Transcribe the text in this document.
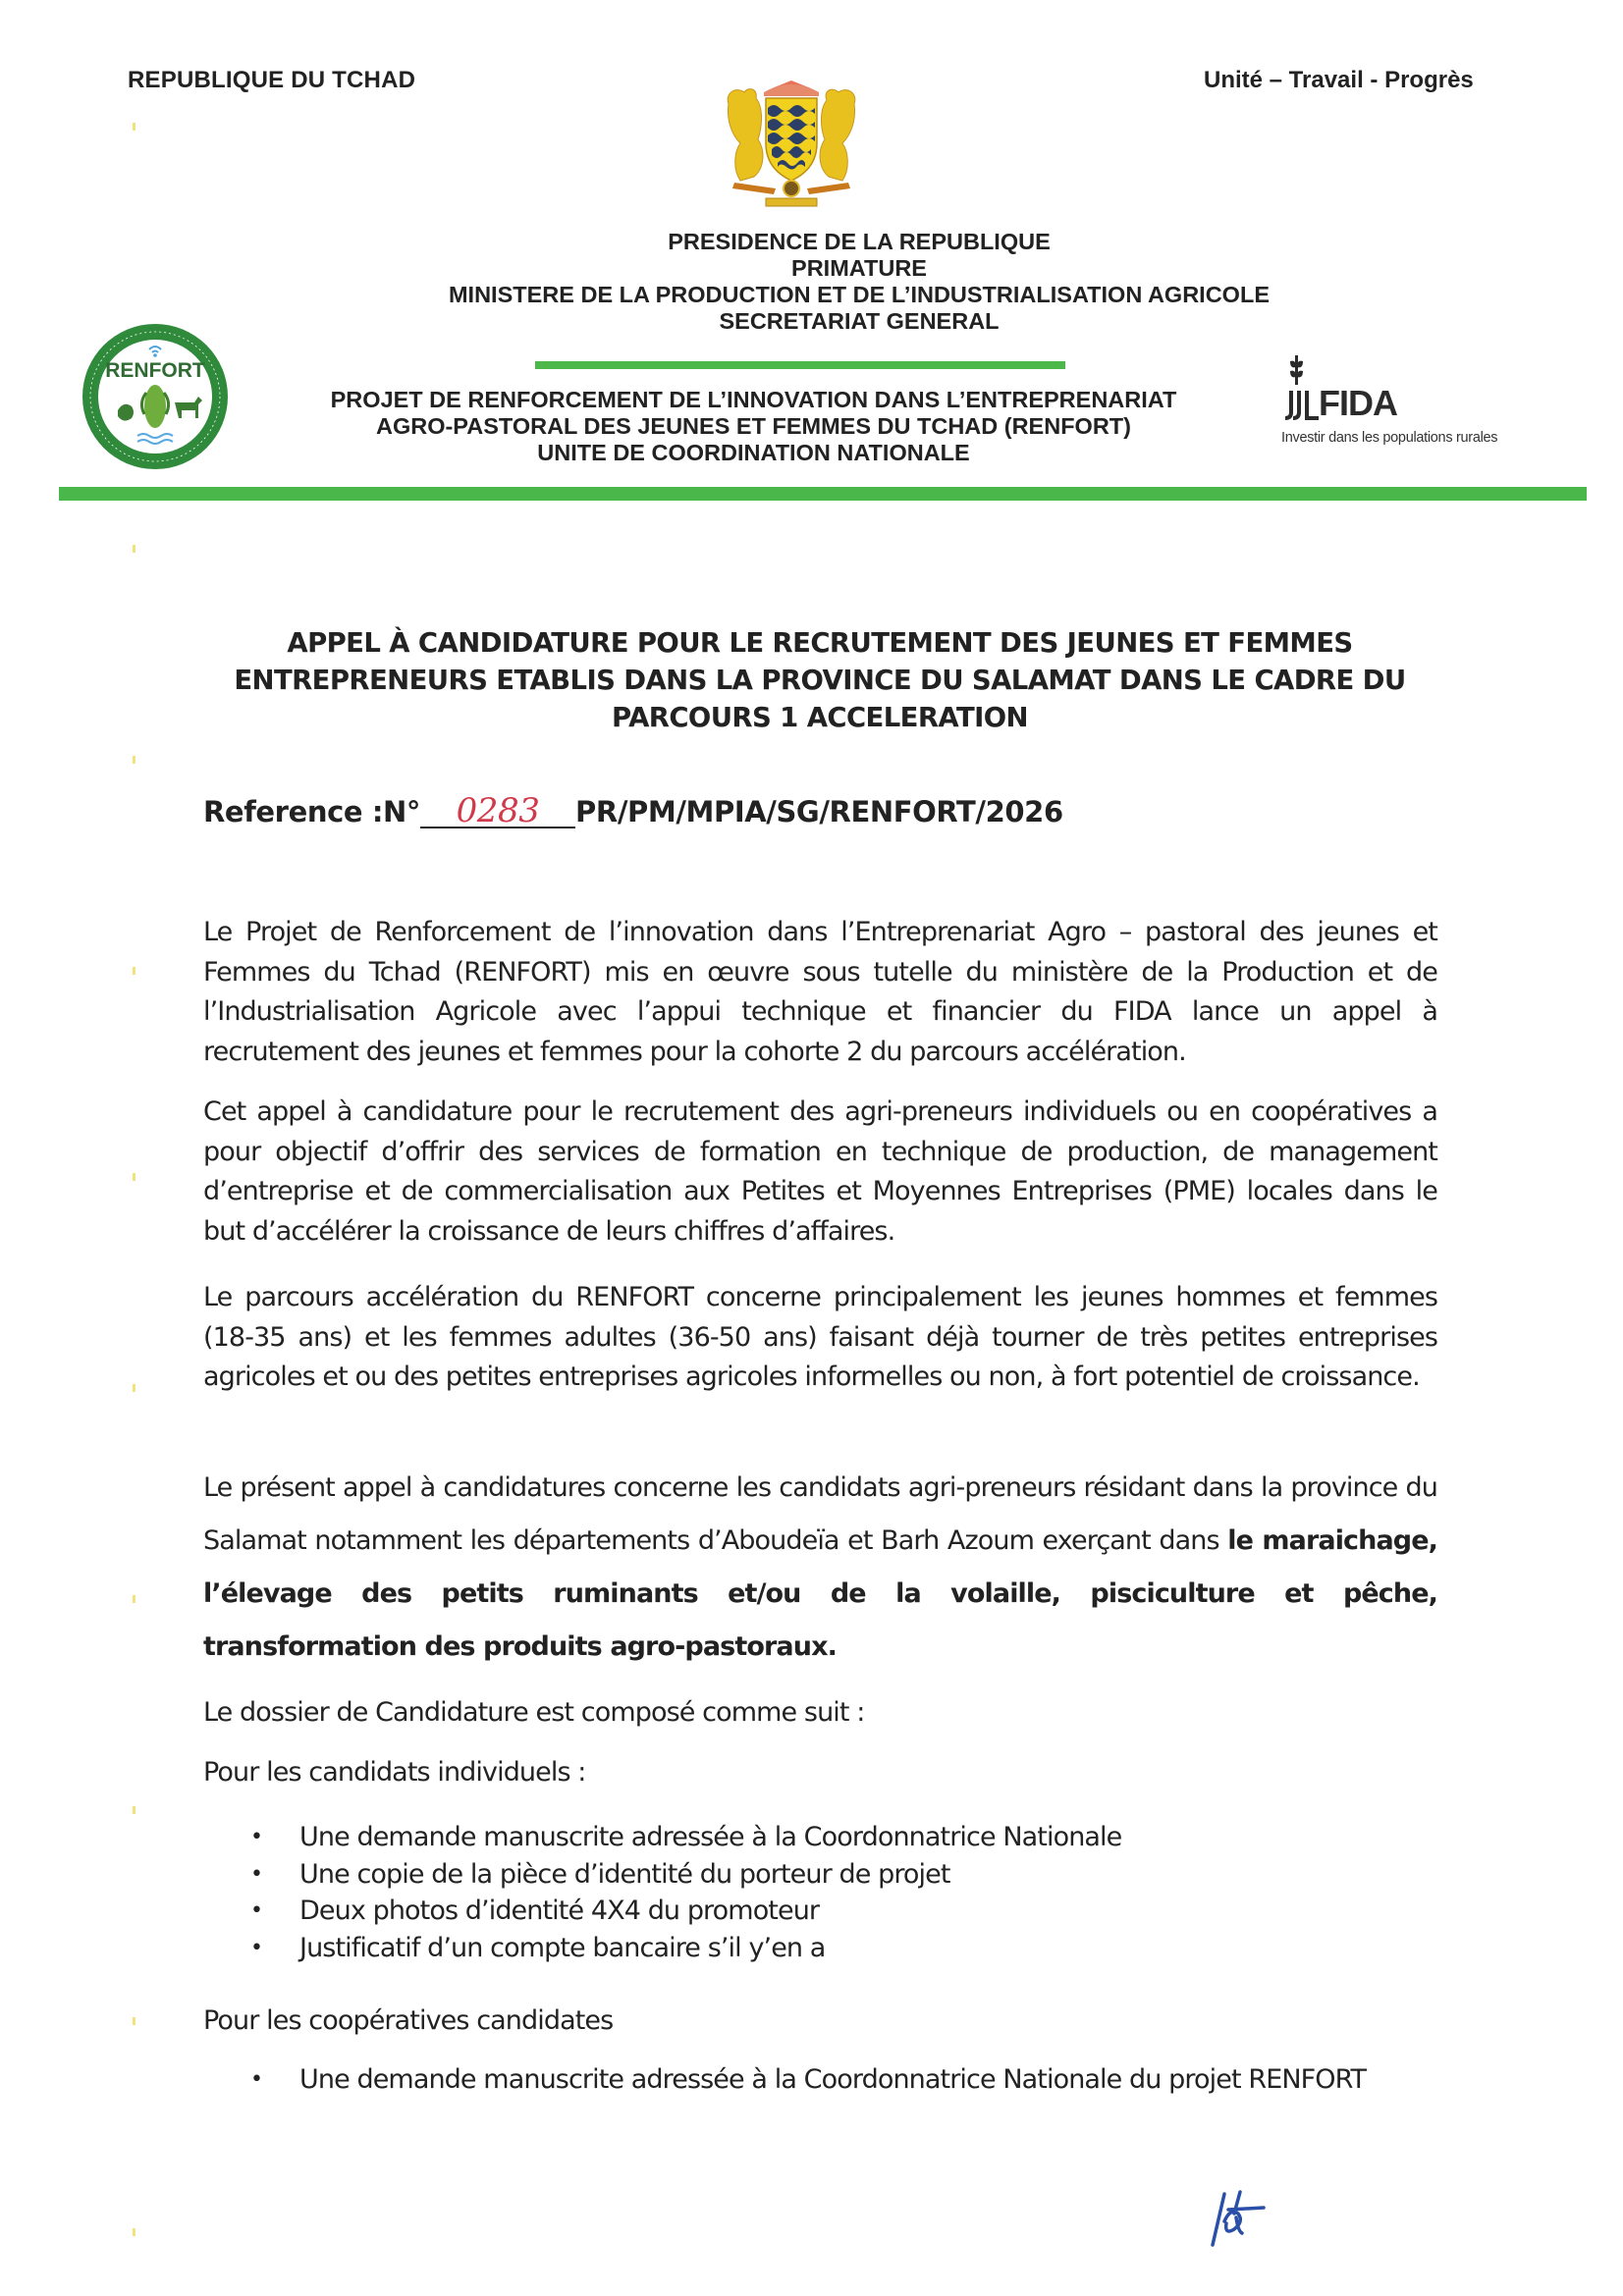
REPUBLIQUE DU TCHAD	Unité – Travail - Progrès
PRESIDENCE DE LA REPUBLIQUE
PRIMATURE
MINISTERE DE LA PRODUCTION ET DE L’INDUSTRIALISATION AGRICOLE
SECRETARIAT GENERAL
RENFORT
PROJET DE RENFORCEMENT DE L’INNOVATION DANS L’ENTREPRENARIAT
AGRO-PASTORAL DES JEUNES ET FEMMES DU TCHAD (RENFORT)
UNITE DE COORDINATION NATIONALE
FIDA
Investir dans les populations rurales
APPEL À CANDIDATURE POUR LE RECRUTEMENT DES JEUNES ET FEMMES
ENTREPRENEURS ETABLIS DANS LA PROVINCE DU SALAMAT DANS LE CADRE DU
PARCOURS 1 ACCELERATION
Reference :N° 0283 PR/PM/MPIA/SG/RENFORT/2026
Le Projet de Renforcement de l’innovation dans l’Entreprenariat Agro – pastoral des jeunes et Femmes du Tchad (RENFORT) mis en œuvre sous tutelle du ministère de la Production et de l’Industrialisation Agricole avec l’appui technique et financier du FIDA lance un appel à recrutement des jeunes et femmes pour la cohorte 2 du parcours accélération.
Cet appel à candidature pour le recrutement des agri-preneurs individuels ou en coopératives a pour objectif d’offrir des services de formation en technique de production, de management d’entreprise et de commercialisation aux Petites et Moyennes Entreprises (PME) locales dans le but d’accélérer la croissance de leurs chiffres d’affaires.
Le parcours accélération du RENFORT concerne principalement les jeunes hommes et femmes (18-35 ans) et les femmes adultes (36-50 ans) faisant déjà tourner de très petites entreprises agricoles et ou des petites entreprises agricoles informelles ou non, à fort potentiel de croissance.
Le présent appel à candidatures concerne les candidats agri-preneurs résidant dans la province du Salamat notamment les départements d’Aboudeïa et Barh Azoum exerçant dans le maraichage, l’élevage des petits ruminants et/ou de la volaille, pisciculture et pêche, transformation des produits agro-pastoraux.
Le dossier de Candidature est composé comme suit :
Pour les candidats individuels :
• Une demande manuscrite adressée à la Coordonnatrice Nationale
• Une copie de la pièce d’identité du porteur de projet
• Deux photos d’identité 4X4 du promoteur
• Justificatif d’un compte bancaire s’il y’en a
Pour les coopératives candidates
• Une demande manuscrite adressée à la Coordonnatrice Nationale du projet RENFORT
